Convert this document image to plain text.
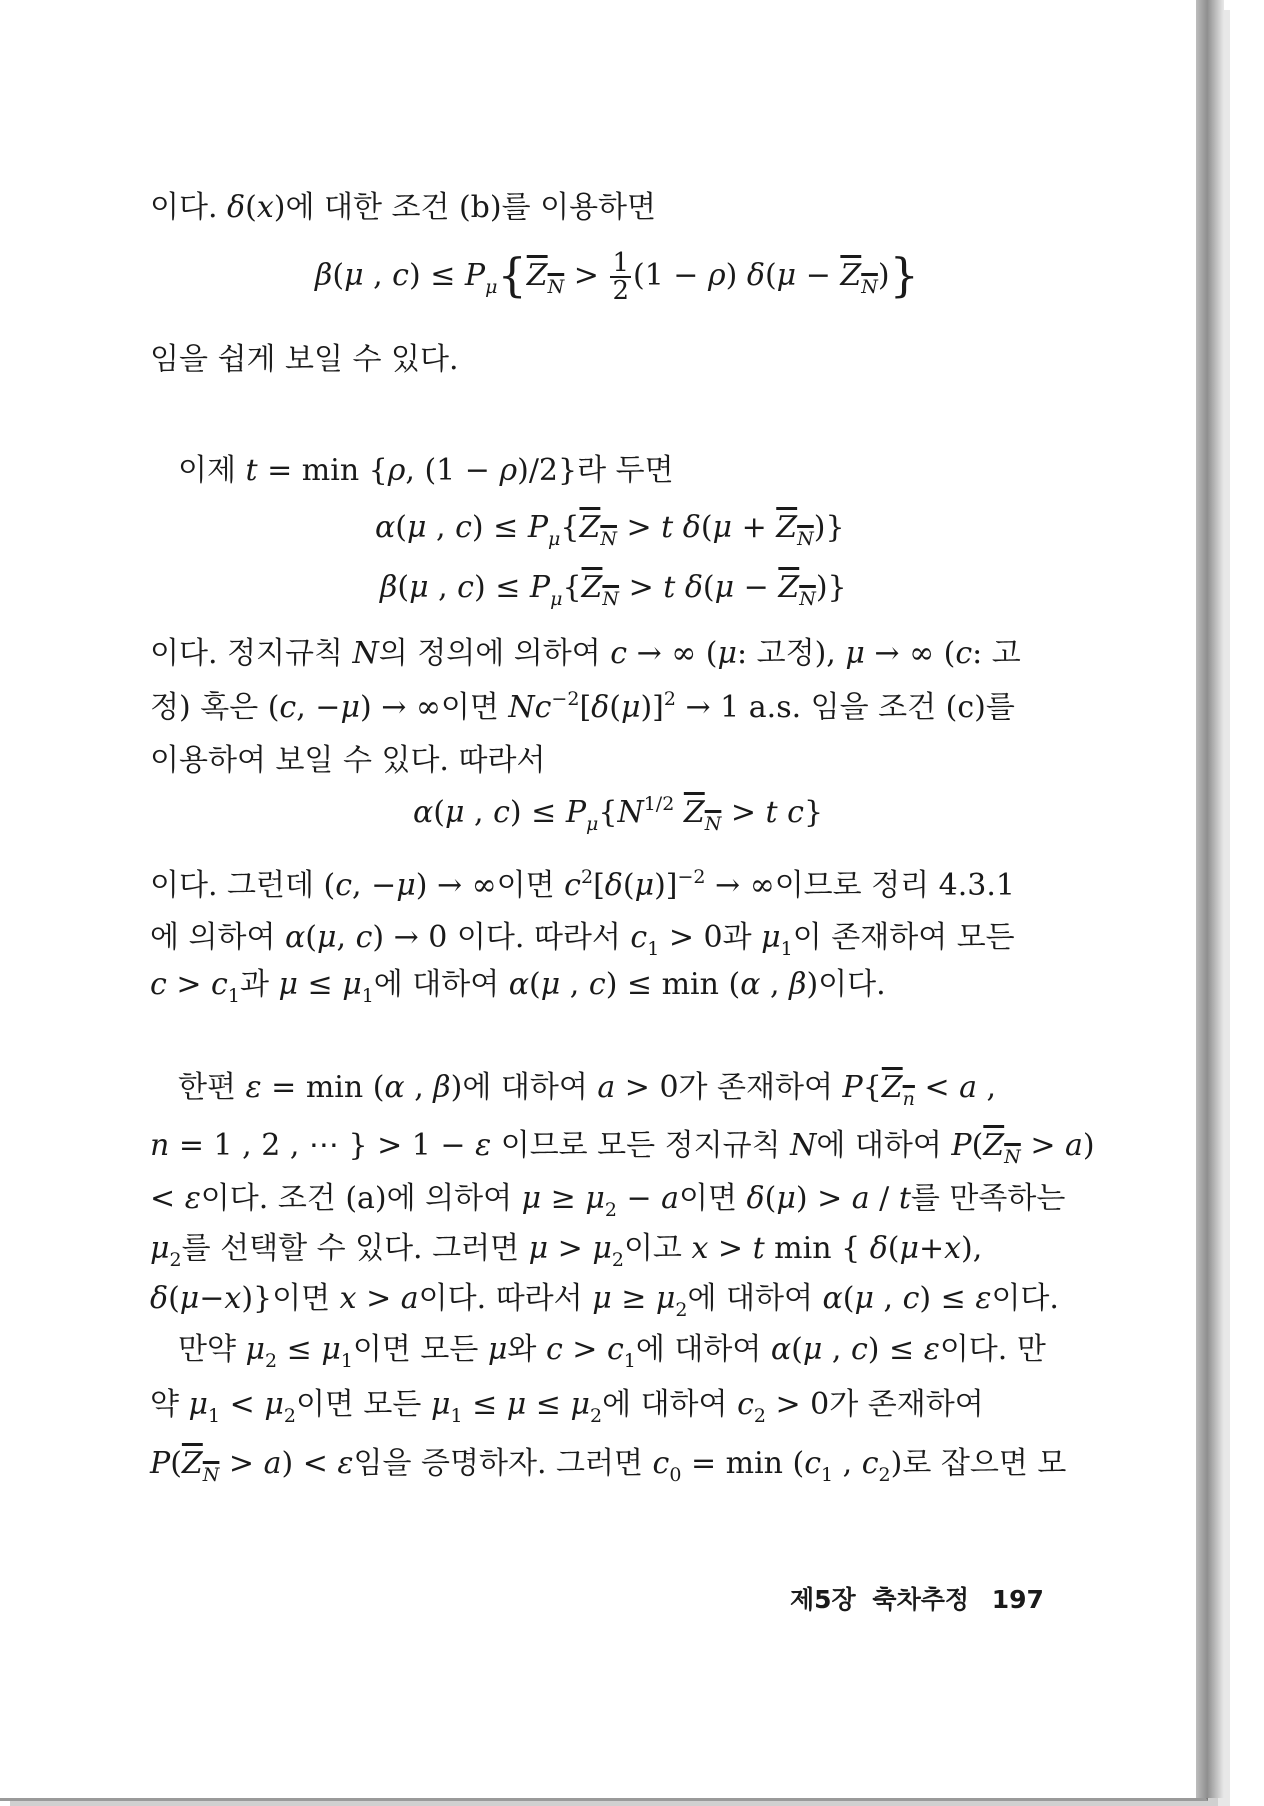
이다. δ(x)에 대한 조건 (b)를 이용하면
β(μ , $c) \le P_\mu\{Z_N > \frac{1}{2} (1 - \rho) \delta(\mu - Z_N)\}$
임을 쉽게 보일 수 있다.
이제 t = min {ρ, (1 − ρ)/2}라 두면
α(μ , $c) \le P_\mu\{Z_N > t$ $\delta(\mu + Z_N)$}
β(μ , $c) \le P_\mu\{Z_N > t$ $\delta(\mu - Z_N)$}
이다. 정지규칙 N의 정의에 의하여 c → ∞ (μ: 고정), μ → ∞ (c: 고
정) 혹은 (c, −μ) → ∞이면 $Nc^{-2}[\delta(\mu)]^2 \to 1$ a.s. 임을 조건 (c)를
이용하여 보일 수 있다. 따라서
α(μ , $c) \le P_\mu\{N^{1/2}$ $Z_N > t$ c}
이다. 그런데 (c, −μ) → ∞이면 $c^2[\delta(\mu)]^{-2}$ → ∞이므로 정리 4.3.1
에 의하여 α(μ, c) → 0 이다. 따라서 $c_1 > 0$과 $\mu_1$이 존재하여 모든
$c > c_1$과 $\mu \le \mu_1$에 대하여 α(μ , c) ≤ min (α , β)이다.
한편 ε = min (α , β)에 대하여 a > 0가 존재하여 $P\{Z_n < a$ ,
n = 1 , 2 , ⋯ } > 1 − ε 이므로 모든 정지규칙 N에 대하여 $P(Z_N > a)$
< ε이다. 조건 (a)에 의하여 $\mu \ge \mu_2 - a$이면 δ(μ) > a / t를 만족하는
$\mu_2$를 선택할 수 있다. 그러면 $\mu > \mu_2$이고 x > t min { δ(μ+x),
δ(μ−x)}이면 x > a이다. 따라서 $\mu \ge \mu_2$에 대하여 α(μ , c) ≤ ε이다.
만약 $\mu_2 \le \mu_1$이면 모든 μ와 $c > c_1$에 대하여 α(μ , c) ≤ ε이다. 만
약 $\mu_1 < \mu_2$이면 모든 $\mu_1 \le \mu \le \mu_2$에 대하여 $c_2 > 0$가 존재하여
$P(Z_N > a) < \varepsilon$임을 증명하자. 그러면 $c_0 = \min (c_1$ , $c_2$)로 잡으면 모
제5장 축차추정 197
